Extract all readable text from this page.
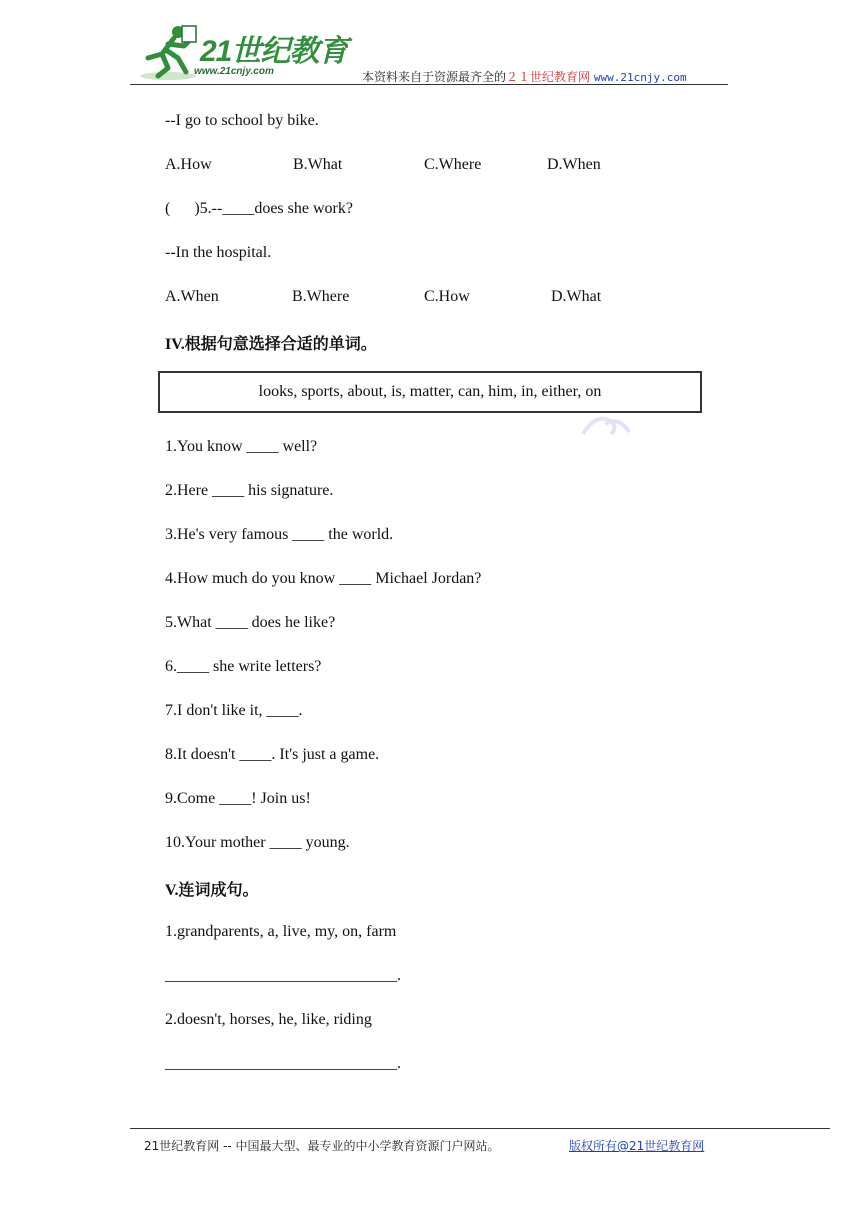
21世纪教育
www.21cnjy.com	本资料来自于资源最齐全的２１世纪教育网 www.21cnjy.com
--I go to school by bike.
A.How	B.What	C.Where	D.When
(      )5.--____does she work?
--In the hospital.
A.When	B.Where	C.How	D.What
IV.根据句意选择合适的单词。
looks, sports, about, is, matter, can, him, in, either, on
1.You know ____ well?
2.Here ____ his signature.
3.He's very famous ____ the world.
4.How much do you know ____ Michael Jordan?
5.What ____ does he like?
6.____ she write letters?
7.I don't like it, ____.
8.It doesn't ____. It's just a game.
9.Come ____! Join us!
10.Your mother ____ young.
V.连词成句。
1.grandparents, a, live, my, on, farm
_____________________________.
2.doesn't, horses, he, like, riding
_____________________________.
21世纪教育网 -- 中国最大型、最专业的中小学教育资源门户网站。	版权所有@21世纪教育网
